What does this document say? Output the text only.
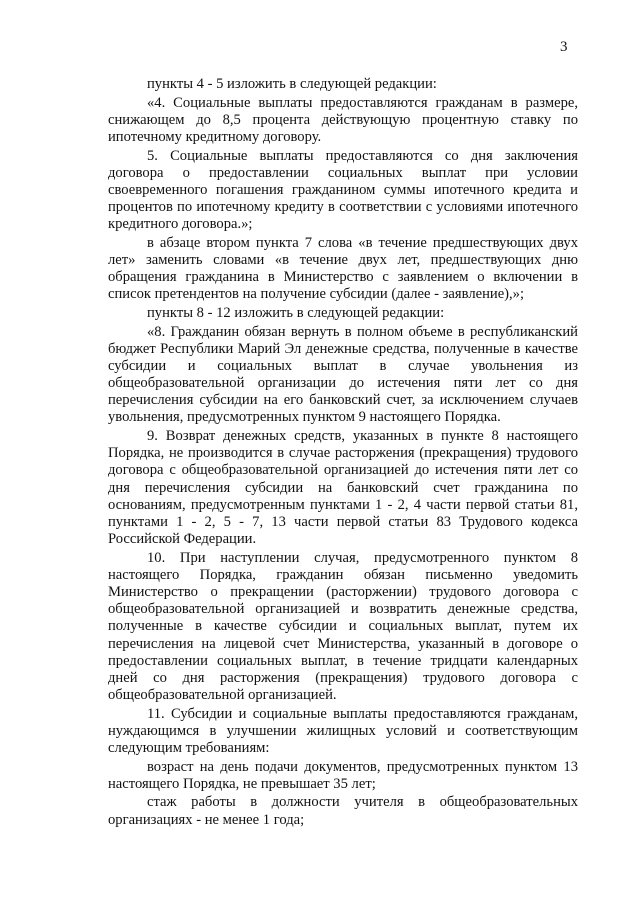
3

пункты 4 - 5 изложить в следующей редакции:

«4. Социальные выплаты предоставляются гражданам в размере, снижающем до 8,5 процента действующую процентную ставку по ипотечному кредитному договору.

5. Социальные выплаты предоставляются со дня заключения договора о предоставлении социальных выплат при условии своевременного погашения гражданином суммы ипотечного кредита и процентов по ипотечному кредиту в соответствии с условиями ипотечного кредитного договора.»;

в абзаце втором пункта 7 слова «в течение предшествующих двух лет» заменить словами «в течение двух лет, предшествующих дню обращения гражданина в Министерство с заявлением о включении в список претендентов на получение субсидии (далее - заявление),»;

пункты 8 - 12 изложить в следующей редакции:

«8. Гражданин обязан вернуть в полном объеме в республиканский бюджет Республики Марий Эл денежные средства, полученные в качестве субсидии и социальных выплат в случае увольнения из общеобразовательной организации до истечения пяти лет со дня перечисления субсидии на его банковский счет, за исключением случаев увольнения, предусмотренных пунктом 9 настоящего Порядка.

9. Возврат денежных средств, указанных в пункте 8 настоящего Порядка, не производится в случае расторжения (прекращения) трудового договора с общеобразовательной организацией до истечения пяти лет со дня перечисления субсидии на банковский счет гражданина по основаниям, предусмотренным пунктами 1 - 2, 4 части первой статьи 81, пунктами 1 - 2, 5 - 7, 13 части первой статьи 83 Трудового кодекса Российской Федерации.

10. При наступлении случая, предусмотренного пунктом 8 настоящего Порядка, гражданин обязан письменно уведомить Министерство о прекращении (расторжении) трудового договора с общеобразовательной организацией и возвратить денежные средства, полученные в качестве субсидии и социальных выплат, путем их перечисления на лицевой счет Министерства, указанный в договоре о предоставлении социальных выплат, в течение тридцати календарных дней со дня расторжения (прекращения) трудового договора с общеобразовательной организацией.

11. Субсидии и социальные выплаты предоставляются гражданам, нуждающимся в улучшении жилищных условий и соответствующим следующим требованиям:

возраст на день подачи документов, предусмотренных пунктом 13 настоящего Порядка, не превышает 35 лет;

стаж работы в должности учителя в общеобразовательных организациях - не менее 1 года;
